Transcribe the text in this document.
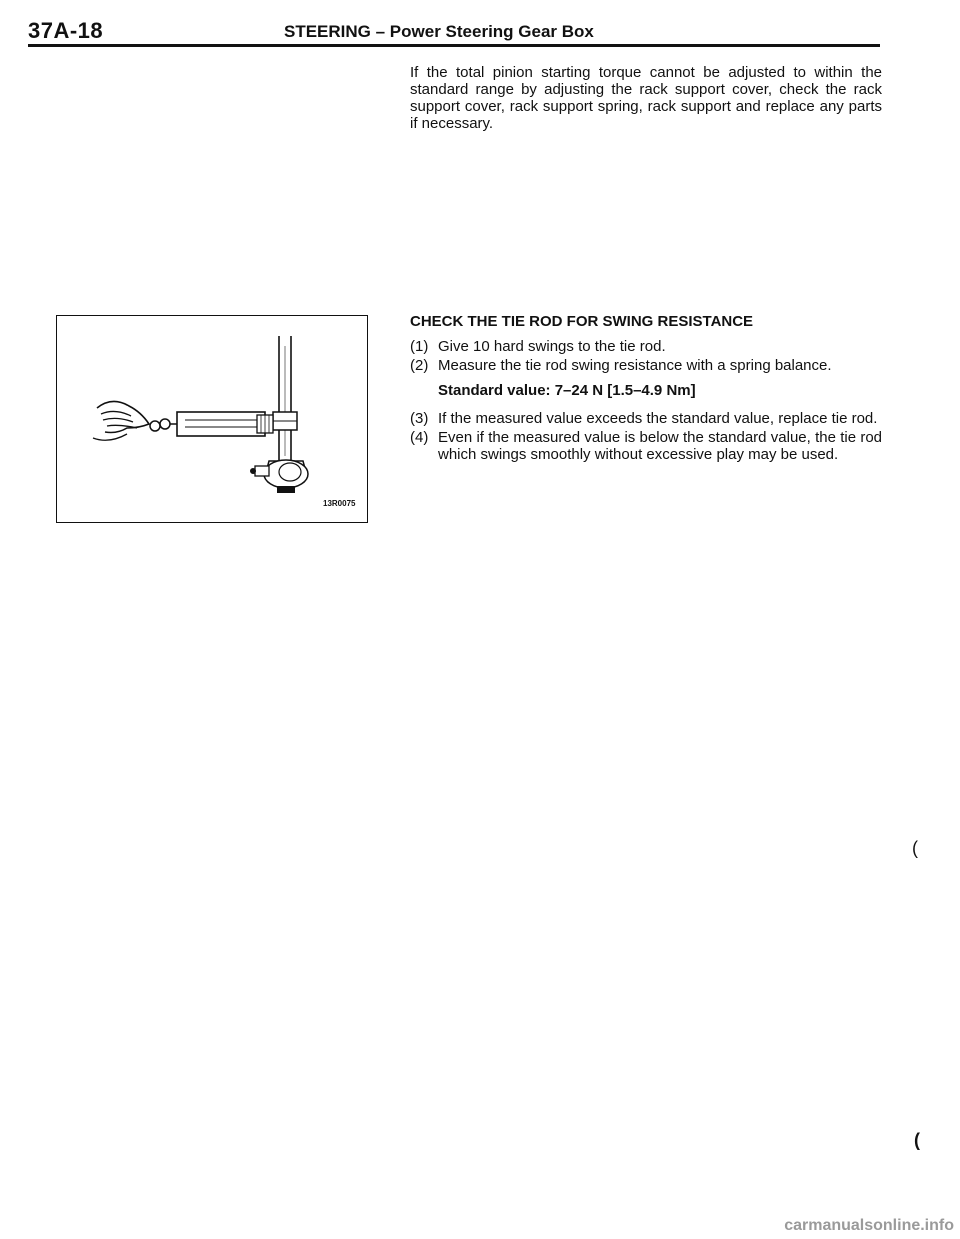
37A-18	STEERING – Power Steering Gear Box
If the total pinion starting torque cannot be adjusted to within the standard range by adjusting the rack support cover, check the rack support cover, rack support spring, rack support and replace any parts if necessary.
13R0075
CHECK THE TIE ROD FOR SWING RESISTANCE
(1) Give 10 hard swings to the tie rod.
(2) Measure the tie rod swing resistance with a spring balance.
Standard value: 7–24 N [1.5–4.9 Nm]
(3) If the measured value exceeds the standard value, replace tie rod.
(4) Even if the measured value is below the standard value, the tie rod which swings smoothly without excessive play may be used.
(
(
carmanualsonline.info
